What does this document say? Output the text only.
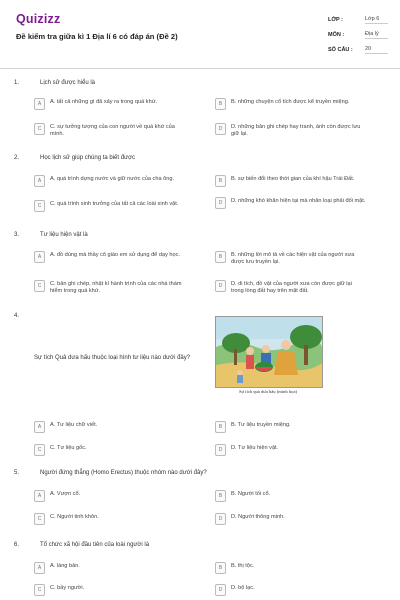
Quizizz
Đề kiểm tra giữa kì 1 Địa lí 6 có đáp án (Đề 2)
LỚP :	Lớp 6
MÔN :	Địa lý
SỐ CÂU : 20
1.	Lịch sử được hiểu là
A	A. tất cả những gì đã xảy ra trong quá khứ.	B	B. những chuyện cổ tích được kể truyền miệng.
C	C. sự tưởng tượng của con người về quá khứ của mình.
D	D. những bản ghi chép hay tranh, ảnh còn được lưu giữ lại.
2.	Học lịch sử giúp chúng ta biết được
A	A. quá trình dựng nước và giữ nước của cha ông.	B	B. sự biến đổi theo thời gian của khí hậu Trái Đất.
C	C. quá trình sinh trưởng của tất cả các loài sinh vật.	D	D. những khó khăn hiện tại mà nhân loại phải đối mặt.
3.	Tư liệu hiện vật là
A	A. đồ dùng mà thầy cô giáo em sử dụng để dạy học.	B	B. những lời mô tả về các hiện vật của người xưa được lưu truyền lại.
C	C. bản ghi chép, nhật kí hành trình của các nhà thám hiểm trong quá khứ.
D	D. di tích, đồ vật của người xưa còn được giữ lại trong lòng đất hay trên mặt đất.
4.
Sự tích Quả dưa hấu thuộc loại hình tư liệu nào dưới đây?
Sự tích quả dưa hấu (minh họa)
A	A. Tư liệu chữ viết.	B	B. Tư liệu truyền miệng.
C	C. Tư liệu gốc.	D	D. Tư liệu hiện vật.
5.	Người đứng thẳng (Homo Erectus) thuộc nhóm nào dưới đây?
A	A. Vượn cổ.	B	B. Người tối cổ.
C	C. Người tinh khôn.	D	D. Người thông minh.
6.	Tổ chức xã hội đầu tiên của loài người là
A	A. làng bản.	B	B. thị tộc.
C	C. bầy người.	D	D. bộ lạc.
